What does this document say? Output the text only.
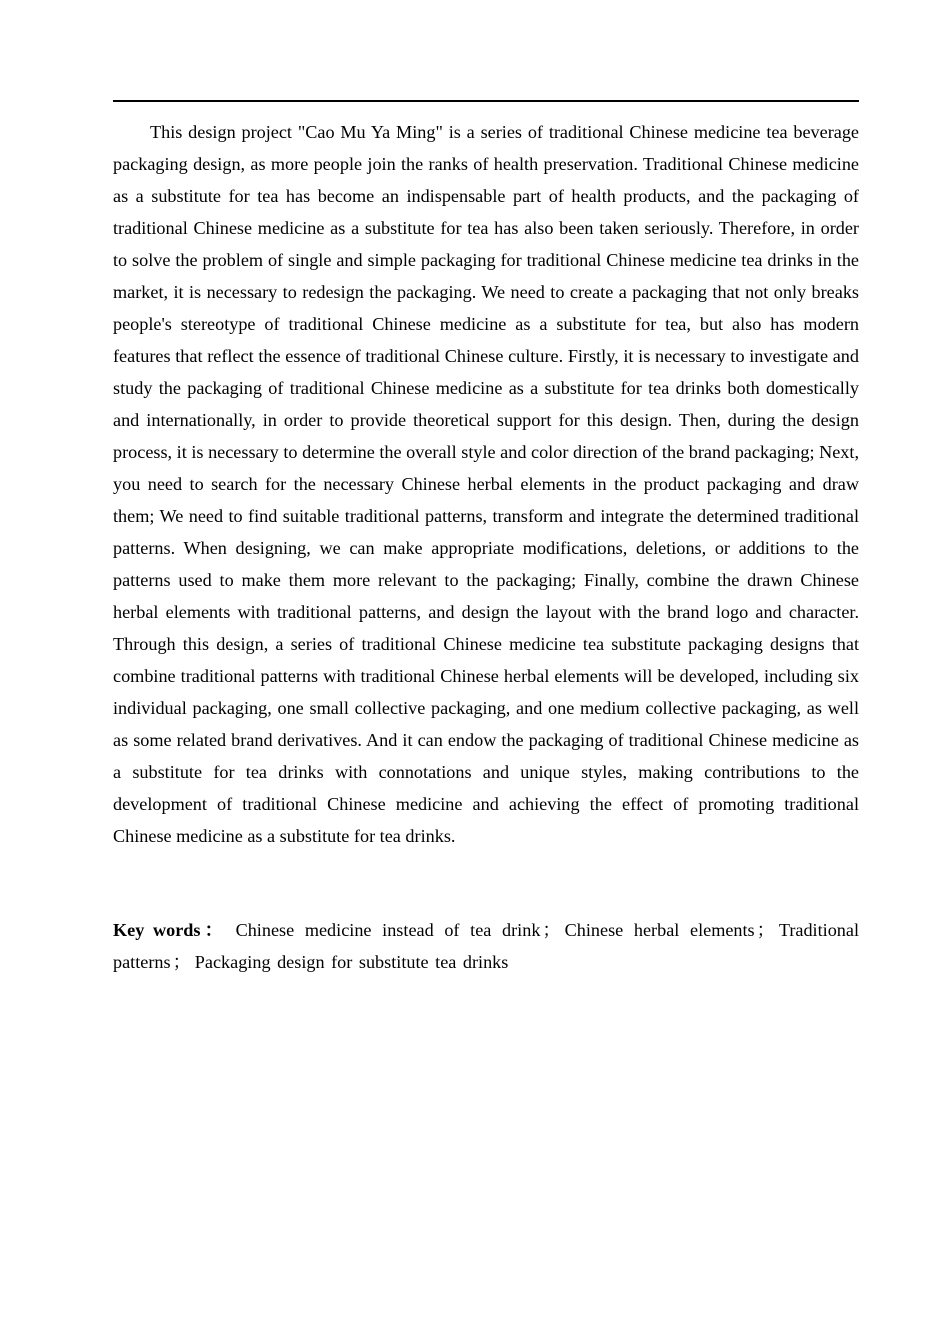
This design project "Cao Mu Ya Ming" is a series of traditional Chinese medicine tea beverage packaging design, as more people join the ranks of health preservation. Traditional Chinese medicine as a substitute for tea has become an indispensable part of health products, and the packaging of traditional Chinese medicine as a substitute for tea has also been taken seriously. Therefore, in order to solve the problem of single and simple packaging for traditional Chinese medicine tea drinks in the market, it is necessary to redesign the packaging. We need to create a packaging that not only breaks people's stereotype of traditional Chinese medicine as a substitute for tea, but also has modern features that reflect the essence of traditional Chinese culture. Firstly, it is necessary to investigate and study the packaging of traditional Chinese medicine as a substitute for tea drinks both domestically and internationally, in order to provide theoretical support for this design. Then, during the design process, it is necessary to determine the overall style and color direction of the brand packaging; Next, you need to search for the necessary Chinese herbal elements in the product packaging and draw them; We need to find suitable traditional patterns, transform and integrate the determined traditional patterns. When designing, we can make appropriate modifications, deletions, or additions to the patterns used to make them more relevant to the packaging; Finally, combine the drawn Chinese herbal elements with traditional patterns, and design the layout with the brand logo and character. Through this design, a series of traditional Chinese medicine tea substitute packaging designs that combine traditional patterns with traditional Chinese herbal elements will be developed, including six individual packaging, one small collective packaging, and one medium collective packaging, as well as some related brand derivatives. And it can endow the packaging of traditional Chinese medicine as a substitute for tea drinks with connotations and unique styles, making contributions to the development of traditional Chinese medicine and achieving the effect of promoting traditional Chinese medicine as a substitute for tea drinks.

Key words： Chinese medicine instead of tea drink ； Chinese herbal elements ； Traditional patterns ； Packaging design for substitute tea drinks
